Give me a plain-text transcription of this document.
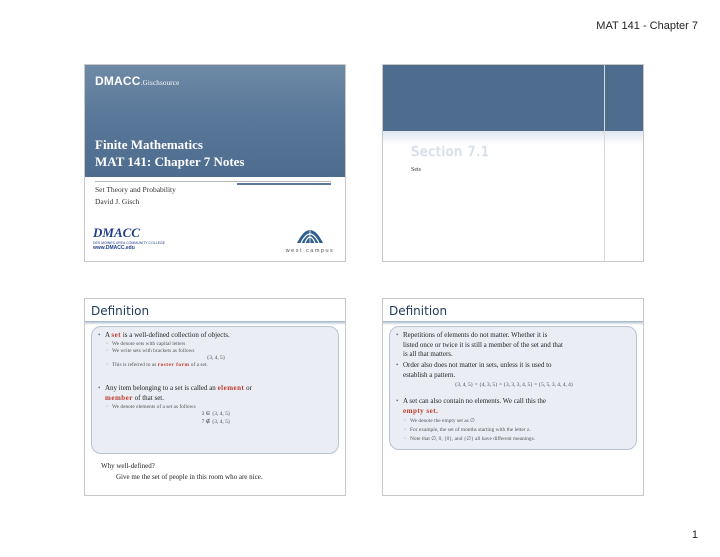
MAT 141 - Chapter 7
DMACC.Gischsource
Finite Mathematics
MAT 141: Chapter 7 Notes
Set Theory and Probability
David J. Gisch
DMACC
DES MOINES AREA COMMUNITY COLLEGE
www.DMACC.edu	west campus
Section 7.1
Sets
Definition
• A set is a well-defined collection of objects.
◦ We denote sets with capital letters
◦ We write sets with brackets as follows
{3, 4, 5}
◦ This is referred to as roster form of a set.
• Any item belonging to a set is called an element or
member of that set.
◦ We denote elements of a set as follows
3 ∈ {3, 4, 5}
7 ∉ {3, 4, 5}
Why well-defined?
Give me the set of people in this room who are nice.
Definition
• Repetitions of elements do not matter. Whether it is
listed once or twice it is still a member of the set and that
is all that matters.
• Order also does not matter in sets, unless it is used to
establish a pattern.
{3, 4, 5} = {4, 3, 5} = {3, 3, 3, 4, 5} = {5, 5, 3, 4, 4, 4}
• A set can also contain no elements. We call this the
empty set.
◦ We denote the empty set as ∅
◦ For example, the set of months starting with the letter z.
◦ Note that ∅, 0, {0}, and {∅} all have different meanings.
1
